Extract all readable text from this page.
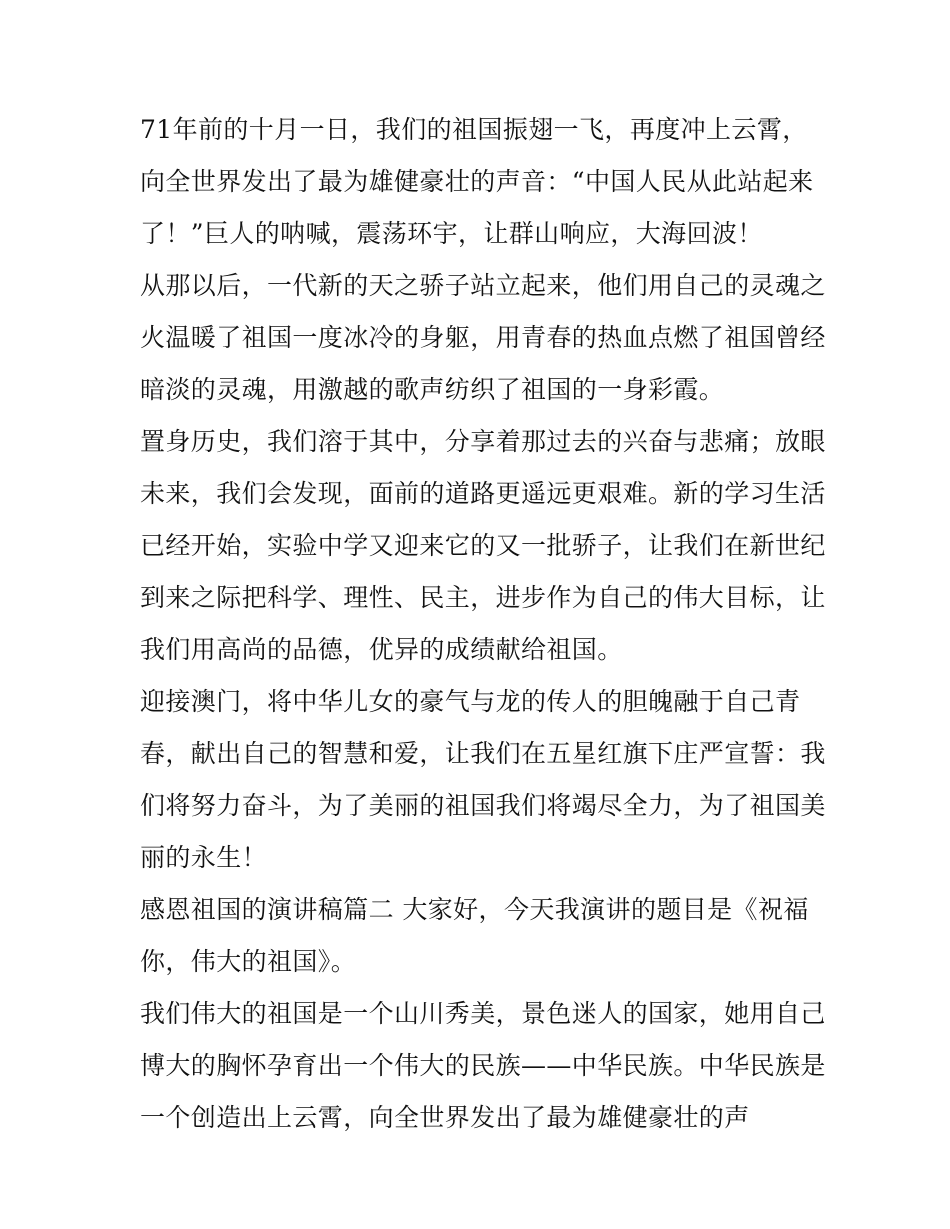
71年前的十月一日，我们的祖国振翅一飞，再度冲上云霄，
向全世界发出了最为雄健豪壮的声音：“中国人民从此站起来
了！”巨人的呐喊，震荡环宇，让群山响应，大海回波！
从那以后，一代新的天之骄子站立起来，他们用自己的灵魂之
火温暖了祖国一度冰冷的身躯，用青春的热血点燃了祖国曾经
暗淡的灵魂，用激越的歌声纺织了祖国的一身彩霞。
置身历史，我们溶于其中，分享着那过去的兴奋与悲痛；放眼
未来，我们会发现，面前的道路更遥远更艰难。新的学习生活
已经开始，实验中学又迎来它的又一批骄子，让我们在新世纪
到来之际把科学、理性、民主，进步作为自己的伟大目标，让
我们用高尚的品德，优异的成绩献给祖国。
迎接澳门，将中华儿女的豪气与龙的传人的胆魄融于自己青
春，献出自己的智慧和爱，让我们在五星红旗下庄严宣誓：我
们将努力奋斗，为了美丽的祖国我们将竭尽全力，为了祖国美
丽的永生！
感恩祖国的演讲稿篇二 大家好，今天我演讲的题目是《祝福
你，伟大的祖国》。
我们伟大的祖国是一个山川秀美，景色迷人的国家，她用自己
博大的胸怀孕育出一个伟大的民族——中华民族。中华民族是
一个创造出上云霄，向全世界发出了最为雄健豪壮的声
